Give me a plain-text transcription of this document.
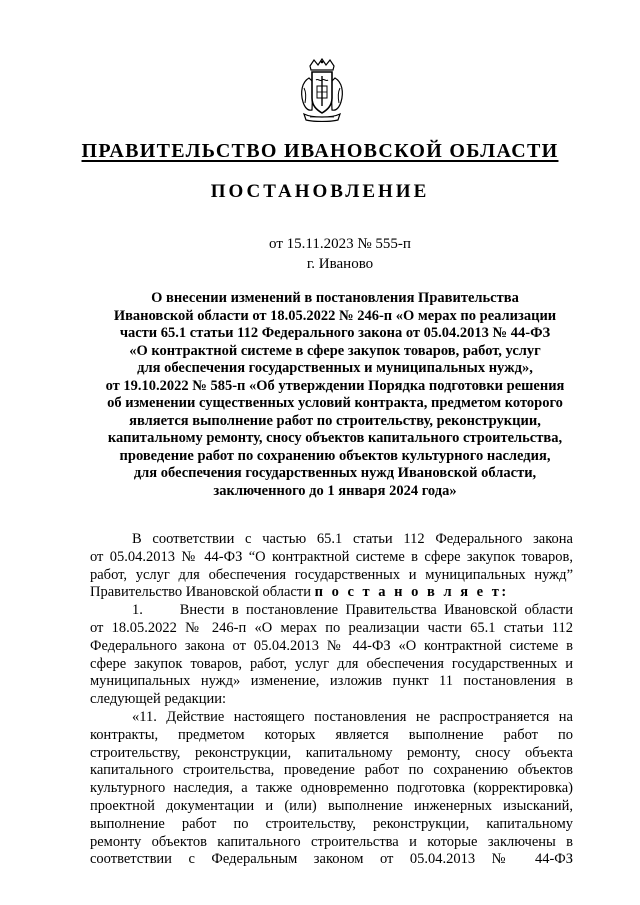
ПРАВИТЕЛЬСТВО ИВАНОВСКОЙ ОБЛАСТИ
ПОСТАНОВЛЕНИЕ
от 15.11.2023 № 555-п
г. Иваново
О внесении изменений в постановления Правительства
Ивановской области от 18.05.2022 № 246-п «О мерах по реализации
части 65.1 статьи 112 Федерального закона от 05.04.2013 № 44-ФЗ
«О контрактной системе в сфере закупок товаров, работ, услуг
для обеспечения государственных и муниципальных нужд»,
от 19.10.2022 № 585-п «Об утверждении Порядка подготовки решения
об изменении существенных условий контракта, предметом которого
является выполнение работ по строительству, реконструкции,
капитальному ремонту, сносу объектов капитального строительства,
проведение работ по сохранению объектов культурного наследия,
для обеспечения государственных нужд Ивановской области,
заключенного до 1 января 2024 года»
В соответствии с частью 65.1 статьи 112 Федерального закона
от 05.04.2013 № 44-ФЗ “О контрактной системе в сфере закупок товаров,
работ, услуг для обеспечения государственных и муниципальных нужд”
Правительство Ивановской области п о с т а н о в л я е т:
1.     Внести в постановление Правительства Ивановской области
от 18.05.2022 № 246-п «О мерах по реализации части 65.1 статьи 112
Федерального закона от 05.04.2013 № 44-ФЗ «О контрактной системе в
сфере закупок товаров, работ, услуг для обеспечения государственных и
муниципальных нужд» изменение, изложив пункт 11 постановления в
следующей редакции:
«11. Действие настоящего постановления не распространяется на
контракты, предметом которых является выполнение работ по
строительству, реконструкции, капитальному ремонту, сносу объекта
капитального строительства, проведение работ по сохранению объектов
культурного наследия, а также одновременно подготовка (корректировка)
проектной документации и (или) выполнение инженерных изысканий,
выполнение работ по строительству, реконструкции, капитальному
ремонту объектов капитального строительства и которые заключены в
соответствии с Федеральным законом от 05.04.2013 № 44-ФЗ
